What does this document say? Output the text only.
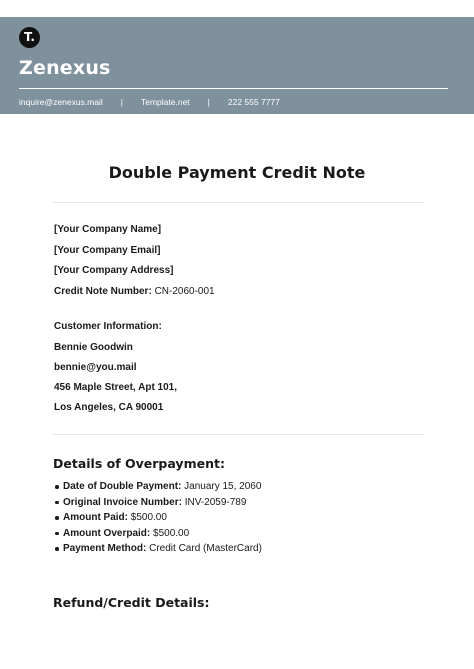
T.
Zenexus
inquire@zenexus.mail | Template.net | 222 555 7777
Double Payment Credit Note
[Your Company Name]
[Your Company Email]
[Your Company Address]
Credit Note Number: CN-2060-001
Customer Information:
Bennie Goodwin
bennie@you.mail
456 Maple Street, Apt 101,
Los Angeles, CA 90001
Details of Overpayment:
Date of Double Payment: January 15, 2060
Original Invoice Number: INV-2059-789
Amount Paid: $500.00
Amount Overpaid: $500.00
Payment Method: Credit Card (MasterCard)
Refund/Credit Details:
